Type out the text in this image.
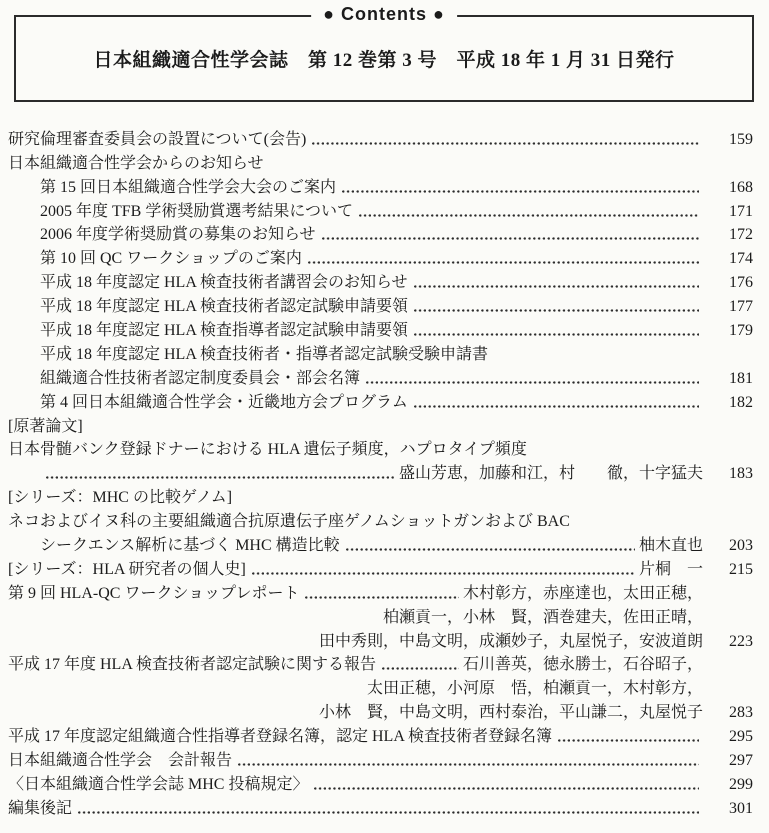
● Contents ●
日本組織適合性学会誌　第 12 巻第 3 号　平成 18 年 1 月 31 日発行
研究倫理審査委員会の設置について(会告)	159
日本組織適合性学会からのお知らせ
第 15 回日本組織適合性学会大会のご案内	168
2005 年度 TFB 学術奨励賞選考結果について	171
2006 年度学術奨励賞の募集のお知らせ	172
第 10 回 QC ワークショップのご案内	174
平成 18 年度認定 HLA 検査技術者講習会のお知らせ	176
平成 18 年度認定 HLA 検査技術者認定試験申請要領	177
平成 18 年度認定 HLA 検査指導者認定試験申請要領	179
平成 18 年度認定 HLA 検査技術者・指導者認定試験受験申請書
組織適合性技術者認定制度委員会・部会名簿	181
第 4 回日本組織適合性学会・近畿地方会プログラム	182
[原著論文]
日本骨髄バンク登録ドナーにおける HLA 遺伝子頻度，ハプロタイプ頻度
盛山芳恵，加藤和江，村　　徹，十字猛夫	183
[シリーズ：MHC の比較ゲノム]
ネコおよびイヌ科の主要組織適合抗原遺伝子座ゲノムショットガンおよび BAC
シークエンス解析に基づく MHC 構造比較	柚木直也	203
[シリーズ：HLA 研究者の個人史]	片桐　一	215
第 9 回 HLA-QC ワークショップレポート	木村彰方，赤座達也，太田正穂，
柏瀬貢一，小林　賢，酒巻建夫，佐田正晴，
田中秀則，中島文明，成瀬妙子，丸屋悦子，安波道朗	223
平成 17 年度 HLA 検査技術者認定試験に関する報告	石川善英，徳永勝士，石谷昭子，
太田正穂，小河原　悟，柏瀬貢一，木村彰方，
小林　賢，中島文明，西村泰治，平山謙二，丸屋悦子	283
平成 17 年度認定組織適合性指導者登録名簿，認定 HLA 検査技術者登録名簿	295
日本組織適合性学会　会計報告	297
〈日本組織適合性学会誌 MHC 投稿規定〉	299
編集後記	301
